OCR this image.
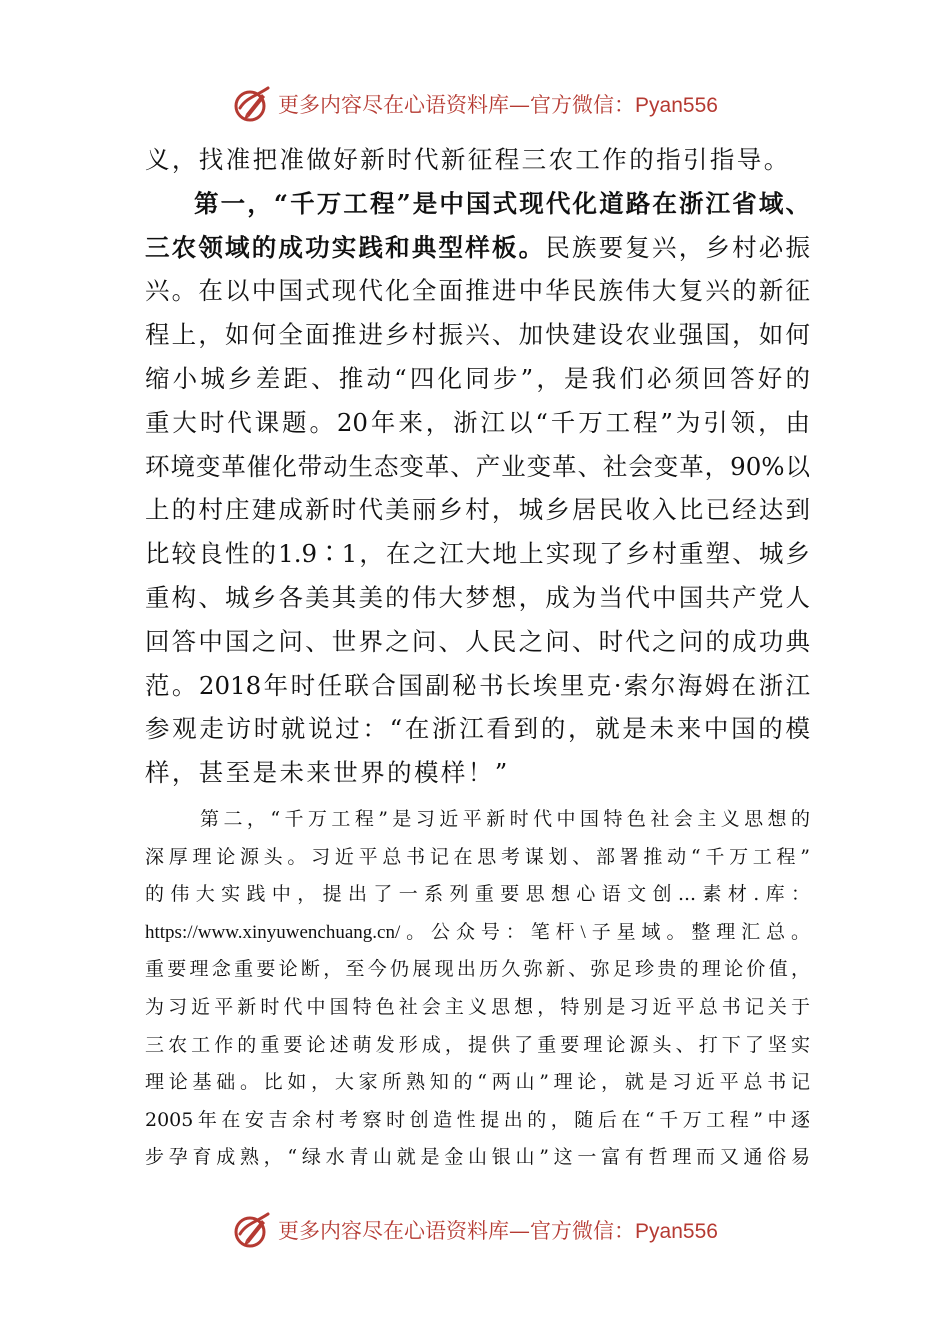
更多内容尽在心语资料库—官方微信：Pyan556

义，找准把准做好新时代新征程三农工作的指引指导。

第一，“千万工程”是中国式现代化道路在浙江省域、

三农领域的成功实践和典型样板。民族要复兴，乡村必振

兴。在以中国式现代化全面推进中华民族伟大复兴的新征

程上，如何全面推进乡村振兴、加快建设农业强国，如何

缩小城乡差距、推动“四化同步”，是我们必须回答好的

重大时代课题。20年来，浙江以“千万工程”为引领，由

环境变革催化带动生态变革、产业变革、社会变革，90%以

上的村庄建成新时代美丽乡村，城乡居民收入比已经达到

比较良性的1.9∶1，在之江大地上实现了乡村重塑、城乡

重构、城乡各美其美的伟大梦想，成为当代中国共产党人

回答中国之问、世界之问、人民之问、时代之问的成功典

范。2018年时任联合国副秘书长埃里克·索尔海姆在浙江

参观走访时就说过：“在浙江看到的，就是未来中国的模

样，甚至是未来世界的模样！”

第二，“千万工程”是习近平新时代中国特色社会主义思想的

深厚理论源头。习近平总书记在思考谋划、部署推动“千万工程”

的伟大实践中，提出了一系列重要思想心语文创...素材.库：

https://www.xinyuwenchuang.cn/。公众号：笔杆\子星域。整理汇总。

重要理念重要论断，至今仍展现出历久弥新、弥足珍贵的理论价值，

为习近平新时代中国特色社会主义思想，特别是习近平总书记关于

三农工作的重要论述萌发形成，提供了重要理论源头、打下了坚实

理论基础。比如，大家所熟知的“两山”理论，就是习近平总书记

2005年在安吉余村考察时创造性提出的，随后在“千万工程”中逐

步孕育成熟，“绿水青山就是金山银山”这一富有哲理而又通俗易

更多内容尽在心语资料库—官方微信：Pyan556
